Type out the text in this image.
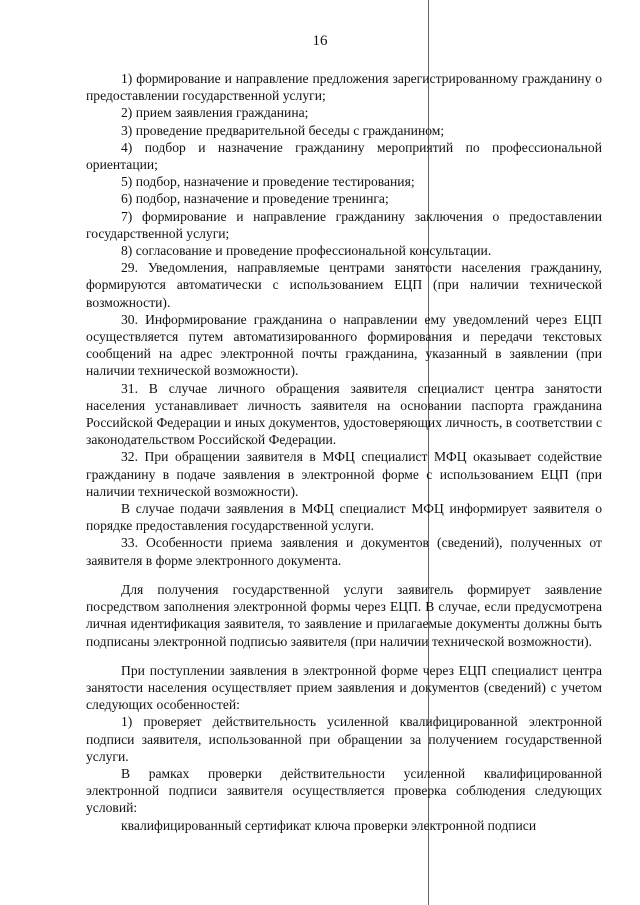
16

1) формирование и направление предложения зарегистрированному гражданину о предоставлении государственной услуги;

2) прием заявления гражданина;

3) проведение предварительной беседы с гражданином;

4) подбор и назначение гражданину мероприятий по профессиональной ориентации;

5) подбор, назначение и проведение тестирования;

6) подбор, назначение и проведение тренинга;

7) формирование и направление гражданину заключения о предоставлении государственной услуги;

8) согласование и проведение профессиональной консультации.

29. Уведомления, направляемые центрами занятости населения гражданину, формируются автоматически с использованием ЕЦП (при наличии технической возможности).

30. Информирование гражданина о направлении ему уведомлений через ЕЦП осуществляется путем автоматизированного формирования и передачи текстовых сообщений на адрес электронной почты гражданина, указанный в заявлении (при наличии технической возможности).

31. В случае личного обращения заявителя специалист центра занятости населения устанавливает личность заявителя на основании паспорта гражданина Российской Федерации и иных документов, удостоверяющих личность, в соответствии с законодательством Российской Федерации.

32. При обращении заявителя в МФЦ специалист МФЦ оказывает содействие гражданину в подаче заявления в электронной форме с использованием ЕЦП (при наличии технической возможности).

В случае подачи заявления в МФЦ специалист МФЦ информирует заявителя о порядке предоставления государственной услуги.

33. Особенности приема заявления и документов (сведений), полученных от заявителя в форме электронного документа.

Для получения государственной услуги заявитель формирует заявление посредством заполнения электронной формы через ЕЦП. В случае, если предусмотрена личная идентификация заявителя, то заявление и прилагаемые документы должны быть подписаны электронной подписью заявителя (при наличии технической возможности).

При поступлении заявления в электронной форме через ЕЦП специалист центра занятости населения осуществляет прием заявления и документов (сведений) с учетом следующих особенностей:

1) проверяет действительность усиленной квалифицированной электронной подписи заявителя, использованной при обращении за получением государственной услуги.

В рамках проверки действительности усиленной квалифицированной электронной подписи заявителя осуществляется проверка соблюдения следующих условий:

квалифицированный сертификат ключа проверки электронной подписи
